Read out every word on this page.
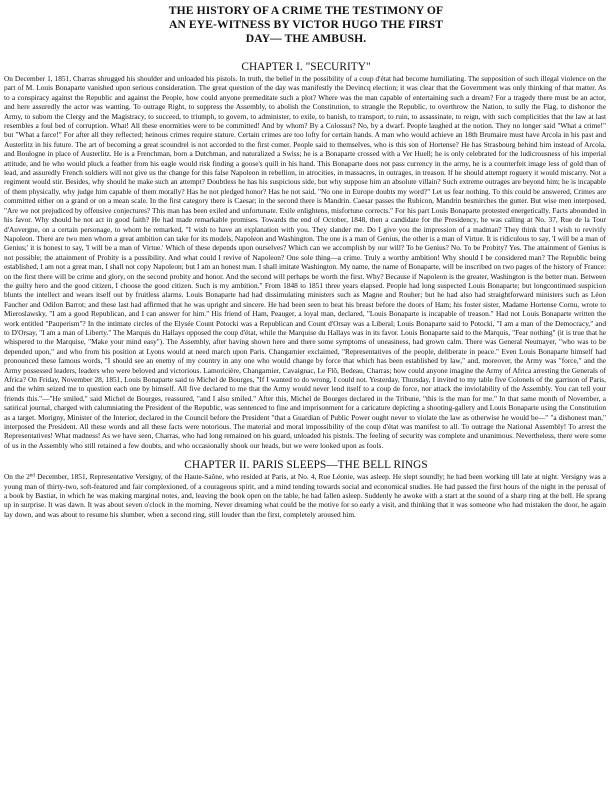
THE HISTORY OF A CRIME THE TESTIMONY OF
AN EYE-WITNESS BY VICTOR HUGO THE FIRST
DAY— THE AMBUSH.
CHAPTER I. "SECURITY"

On December 1, 1851, Charras shrugged his shoulder and unloaded his pistols. In truth, the belief in the possibility of a coup d'état had become humiliating. The supposition of such illegal violence on the part of M. Louis Bonaparte vanished upon serious consideration. The great question of the day was manifestly the Devincq election; it was clear that the Government was only thinking of that matter. As to a conspiracy against the Republic and against the People, how could anyone premeditate such a plot? Where was the man capable of entertaining such a dream? For a tragedy there must be an actor, and here assuredly the actor was wanting. To outrage Right, to suppress the Assembly, to abolish the Constitution, to strangle the Republic, to overthrow the Nation, to sully the Flag, to dishonor the Army, to suborn the Clergy and the Magistracy, to succeed, to triumph, to govern, to administer, to exile, to banish, to transport, to ruin, to assassinate, to reign, with such complicities that the law at last resembles a foul bed of corruption. What! All these enormities were to be committed! And by whom? By a Colossus? No, by a dwarf. People laughed at the notion. They no longer said "What a crime!" but "What a farce!" For after all they reflected; heinous crimes require stature. Certain crimes are too lofty for certain hands. A man who would achieve an 18th Brumaire must have Arcola in his past and Austerlitz in his future. The art of becoming a great scoundrel is not accorded to the first comer. People said to themselves, who is this son of Hortense? He has Strasbourg behind him instead of Arcola, and Boulogne in place of Austerlitz. He is a Frenchman, born a Dutchman, and naturalized a Swiss; he is a Bonaparte crossed with a Ver Huell; he is only celebrated for the ludicrousness of his imperial attitude, and he who would pluck a feather from his eagle would risk finding a goose's quill in his hand. This Bonaparte does not pass currency in the army, he is a counterfeit image less of gold than of lead, and assuredly French soldiers will not give us the change for this false Napoleon in rebellion, in atrocities, in massacres, in outrages, in treason. If he should attempt roguery it would miscarry. Not a regiment would stir. Besides, why should he make such an attempt? Doubtless he has his suspicious side, but why suppose him an absolute villain? Such extreme outrages are beyond him; he is incapable of them physically, why judge him capable of them morally? Has he not pledged honor? Has he not said, "No one in Europe doubts my word?" Let us fear nothing. To this could be answered, Crimes are committed either on a grand or on a mean scale. In the first category there is Caesar; in the second there is Mandrin. Caesar passes the Rubicon, Mandrin besmirches the gutter. But wise men interposed, "Are we not prejudiced by offensive conjectures? This man has been exiled and unfortunate. Exile enlightens, misfortune corrects." For his part Louis Bonaparte protested energetically. Facts abounded in his favor. Why should he not act in good faith? He had made remarkable promises. Towards the end of October, 1848, then a candidate for the Presidency, he was calling at No. 37, Rue de la Tour d'Auvergne, on a certain personage, to whom he remarked, "I wish to have an explanation with you. They slander me. Do I give you the impression of a madman? They think that I wish to revivify Napoleon. There are two men whom a great ambition can take for its models, Napoleon and Washington. The one is a man of Genius, the other is a man of Virtue. It is ridiculous to say, 'I will be a man of Genius;' it is honest to say, 'I will be a man of Virtue.' Which of these depends upon ourselves? Which can we accomplish by our will? To be Genius? No. To be Probity? Yes. The attainment of Genius is not possible; the attainment of Probity is a possibility. And what could I revive of Napoleon? One sole thing—a crime. Truly a worthy ambition! Why should I be considered man? The Republic being established, I am not a great man, I shall not copy Napoleon; but I am an honest man. I shall imitate Washington. My name, the name of Bonaparte, will be inscribed on two pages of the history of France: on the first there will be crime and glory, on the second probity and honor. And the second will perhaps be worth the first. Why? Because if Napoleon is the greater, Washington is the better man. Between the guilty hero and the good citizen, I choose the good citizen. Such is my ambition." From 1848 to 1851 three years elapsed. People had long suspected Louis Bonaparte; but longcontinued suspicion blunts the intellect and wears itself out by fruitless alarms. Louis Bonaparte had had dissimulating ministers such as Magne and Rouher; but he had also had straightforward ministers such as Léon Faucher and Odilon Barrot; and these last had affirmed that he was upright and sincere. He had been seen to beat his breast before the doors of Ham; his foster sister, Madame Hortense Cornu, wrote to Mieroslawsky, "I am a good Republican, and I can answer for him." His friend of Ham, Peauger, a loyal man, declared, "Louis Bonaparte is incapable of treason." Had not Louis Bonaparte written the work entitled "Pauperism"? In the intimate circles of the Elysée Count Potocki was a Republican and Count d'Orsay was a Liberal; Louis Bonaparte said to Potocki, "I am a man of the Democracy," and to D'Orsay, "I am a man of Liberty." The Marquis du Hallays opposed the coup d'état, while the Marquise du Hallays was in its favor. Louis Bonaparte said to the Marquis, "Fear nothing" (it is true that he whispered to the Marquise, "Make your mind easy"). The Assembly, after having shown here and there some symptoms of uneasiness, had grown calm. There was General Neumayer, "who was to be depended upon," and who from his position at Lyons would at need march upon Paris. Changarnier exclaimed, "Representatives of the people, deliberate in peace." Even Louis Bonaparte himself had pronounced these famous words, "I should see an enemy of my country in any one who would change by force that which has been established by law," and, moreover, the Army was "force," and the Army possessed leaders, leaders who were beloved and victorious. Lamoricière, Changarnier, Cavaignac, Le Flô, Bedeau, Charras; how could anyone imagine the Army of Africa arresting the Generals of Africa? On Friday, November 28, 1851, Louis Bonaparte said to Michel de Bourges, "If I wanted to do wrong, I could not. Yesterday, Thursday, I invited to my table five Colonels of the garrison of Paris, and the whim seized me to question each one by himself. All five declared to me that the Army would never lend itself to a coup de force, nor attack the inviolability of the Assembly. You can tell your friends this."—"He smiled," said Michel de Bourges, reassured, "and I also smiled." After this, Michel de Bourges declared in the Tribune, "this is the man for me." In that same month of November, a satirical journal, charged with calumniating the President of the Republic, was sentenced to fine and imprisonment for a caricature depicting a shooting-gallery and Louis Bonaparte using the Constitution as a target. Morigny, Minister of the Interior, declared in the Council before the President "that a Guardian of Public Power ought never to violate the law as otherwise he would be—" "a dishonest man," interposed the President. All these words and all these facts were notorious. The material and moral impossibility of the coup d'état was manifest to all. To outrage the National Assembly! To arrest the Representatives! What madness! As we have seen, Charras, who had long remained on his guard, unloaded his pistols. The feeling of security was complete and unanimous. Nevertheless, there were some of us in the Assembly who still retained a few doubts, and who occasionally shook our heads, but we were looked upon as fools.

CHAPTER II. PARIS SLEEPS—THE BELL RINGS

On the 2nd December, 1851, Representative Versigny, of the Haute-Saône, who resided at Paris, at No. 4, Rue Léonie, was asleep. He slept soundly; he had been working till late at night. Versigny was a young man of thirty-two, soft-featured and fair complexioned, of a courageous spirit, and a mind tending towards social and economical studies. He had passed the first hours of the night in the perusal of a book by Bastiat, in which he was making marginal notes, and, leaving the book open on the table, he had fallen asleep. Suddenly he awoke with a start at the sound of a sharp ring at the bell. He sprang up in surprise. It was dawn. It was about seven o'clock in the morning. Never dreaming what could be the motive for so early a visit, and thinking that it was someone who had mistaken the door, he again lay down, and was about to resume his slumber, when a second ring, still louder than the first, completely aroused him.
